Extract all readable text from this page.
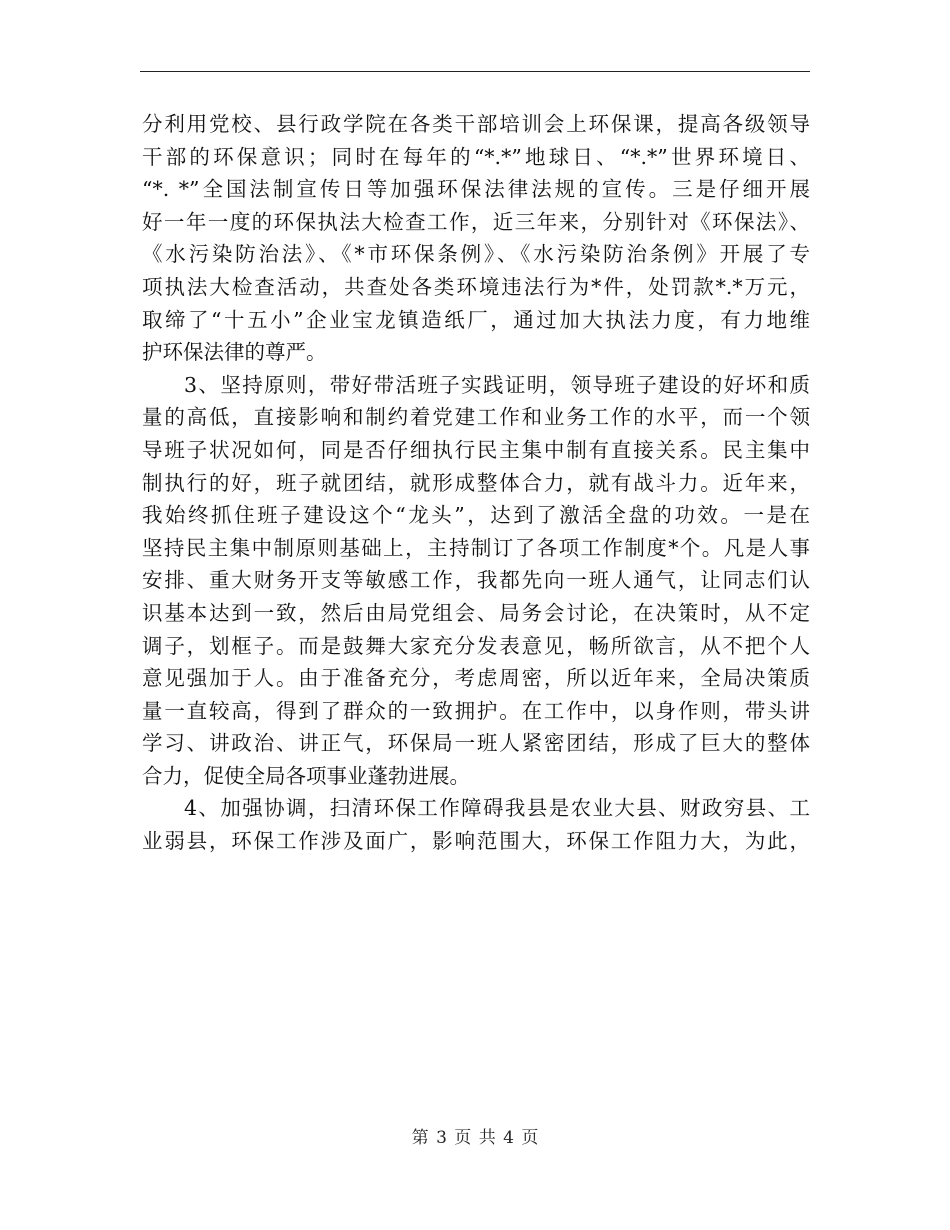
分利用党校、县行政学院在各类干部培训会上环保课，提高各级领导
干部的环保意识；同时在每年的“*.*”地球日、“*.*”世界环境日、
“*. *”全国法制宣传日等加强环保法律法规的宣传。三是仔细开展
好一年一度的环保执法大检查工作，近三年来，分别针对《环保法》、
《水污染防治法》、《*市环保条例》、《水污染防治条例》开展了专
项执法大检查活动，共查处各类环境违法行为*件，处罚款*.*万元，
取缔了“十五小”企业宝龙镇造纸厂，通过加大执法力度，有力地维
护环保法律的尊严。
3、坚持原则，带好带活班子实践证明，领导班子建设的好坏和质
量的高低，直接影响和制约着党建工作和业务工作的水平，而一个领
导班子状况如何，同是否仔细执行民主集中制有直接关系。民主集中
制执行的好，班子就团结，就形成整体合力，就有战斗力。近年来，
我始终抓住班子建设这个“龙头”，达到了激活全盘的功效。一是在
坚持民主集中制原则基础上，主持制订了各项工作制度*个。凡是人事
安排、重大财务开支等敏感工作，我都先向一班人通气，让同志们认
识基本达到一致，然后由局党组会、局务会讨论，在决策时，从不定
调子，划框子。而是鼓舞大家充分发表意见，畅所欲言，从不把个人
意见强加于人。由于准备充分，考虑周密，所以近年来，全局决策质
量一直较高，得到了群众的一致拥护。在工作中，以身作则，带头讲
学习、讲政治、讲正气，环保局一班人紧密团结，形成了巨大的整体
合力，促使全局各项事业蓬勃进展。
4、加强协调，扫清环保工作障碍我县是农业大县、财政穷县、工
业弱县，环保工作涉及面广，影响范围大，环保工作阻力大，为此，
第 3 页 共 4 页
